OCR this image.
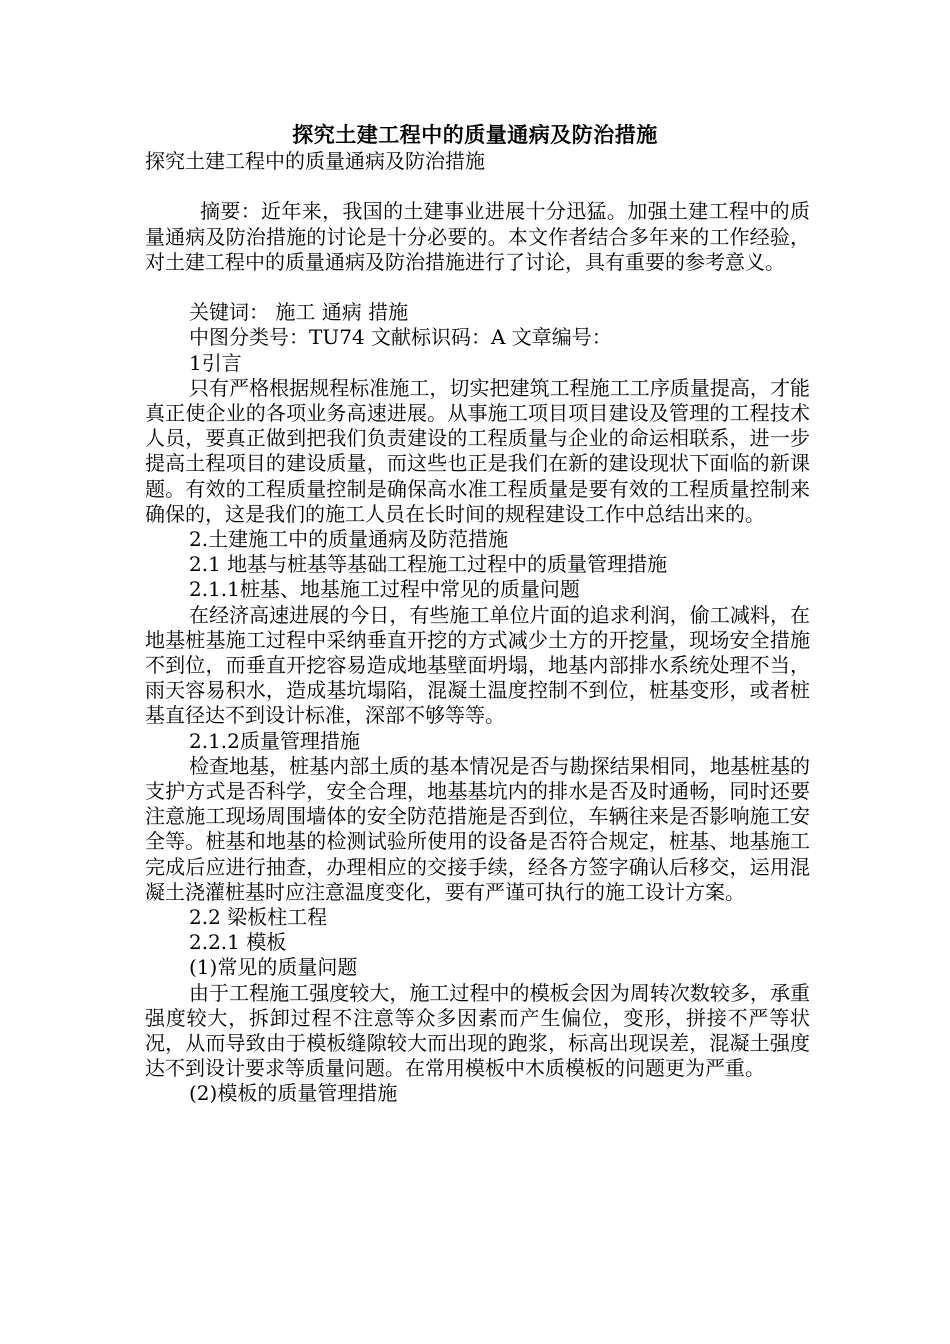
探究土建工程中的质量通病及防治措施

探究土建工程中的质量通病及防治措施

摘要：近年来，我国的土建事业进展十分迅猛。加强土建工程中的质量通病及防治措施的讨论是十分必要的。本文作者结合多年来的工作经验，对土建工程中的质量通病及防治措施进行了讨论，具有重要的参考意义。

关键词： 施工 通病 措施

中图分类号：TU74 文献标识码：A 文章编号：

1引言

只有严格根据规程标准施工，切实把建筑工程施工工序质量提高，才能真正使企业的各项业务高速进展。从事施工项目项目建设及管理的工程技术人员，要真正做到把我们负责建设的工程质量与企业的命运相联系，进一步提高土程项目的建设质量，而这些也正是我们在新的建设现状下面临的新课题。有效的工程质量控制是确保高水准工程质量是要有效的工程质量控制来确保的，这是我们的施工人员在长时间的规程建设工作中总结出来的。

2.土建施工中的质量通病及防范措施

2.1 地基与桩基等基础工程施工过程中的质量管理措施

2.1.1桩基、地基施工过程中常见的质量问题

在经济高速进展的今日，有些施工单位片面的追求利润，偷工减料，在地基桩基施工过程中采纳垂直开挖的方式减少土方的开挖量，现场安全措施不到位，而垂直开挖容易造成地基壁面坍塌，地基内部排水系统处理不当，雨天容易积水，造成基坑塌陷，混凝土温度控制不到位，桩基变形，或者桩基直径达不到设计标准，深部不够等等。

2.1.2质量管理措施

检查地基，桩基内部土质的基本情况是否与勘探结果相同，地基桩基的支护方式是否科学，安全合理，地基基坑内的排水是否及时通畅，同时还要注意施工现场周围墙体的安全防范措施是否到位，车辆往来是否影响施工安全等。桩基和地基的检测试验所使用的设备是否符合规定，桩基、地基施工完成后应进行抽查，办理相应的交接手续，经各方签字确认后移交，运用混凝土浇灌桩基时应注意温度变化，要有严谨可执行的施工设计方案。

2.2 梁板柱工程

2.2.1 模板

(1)常见的质量问题

由于工程施工强度较大，施工过程中的模板会因为周转次数较多，承重强度较大，拆卸过程不注意等众多因素而产生偏位，变形，拼接不严等状况，从而导致由于模板缝隙较大而出现的跑浆，标高出现误差，混凝土强度达不到设计要求等质量问题。在常用模板中木质模板的问题更为严重。

(2)模板的质量管理措施
